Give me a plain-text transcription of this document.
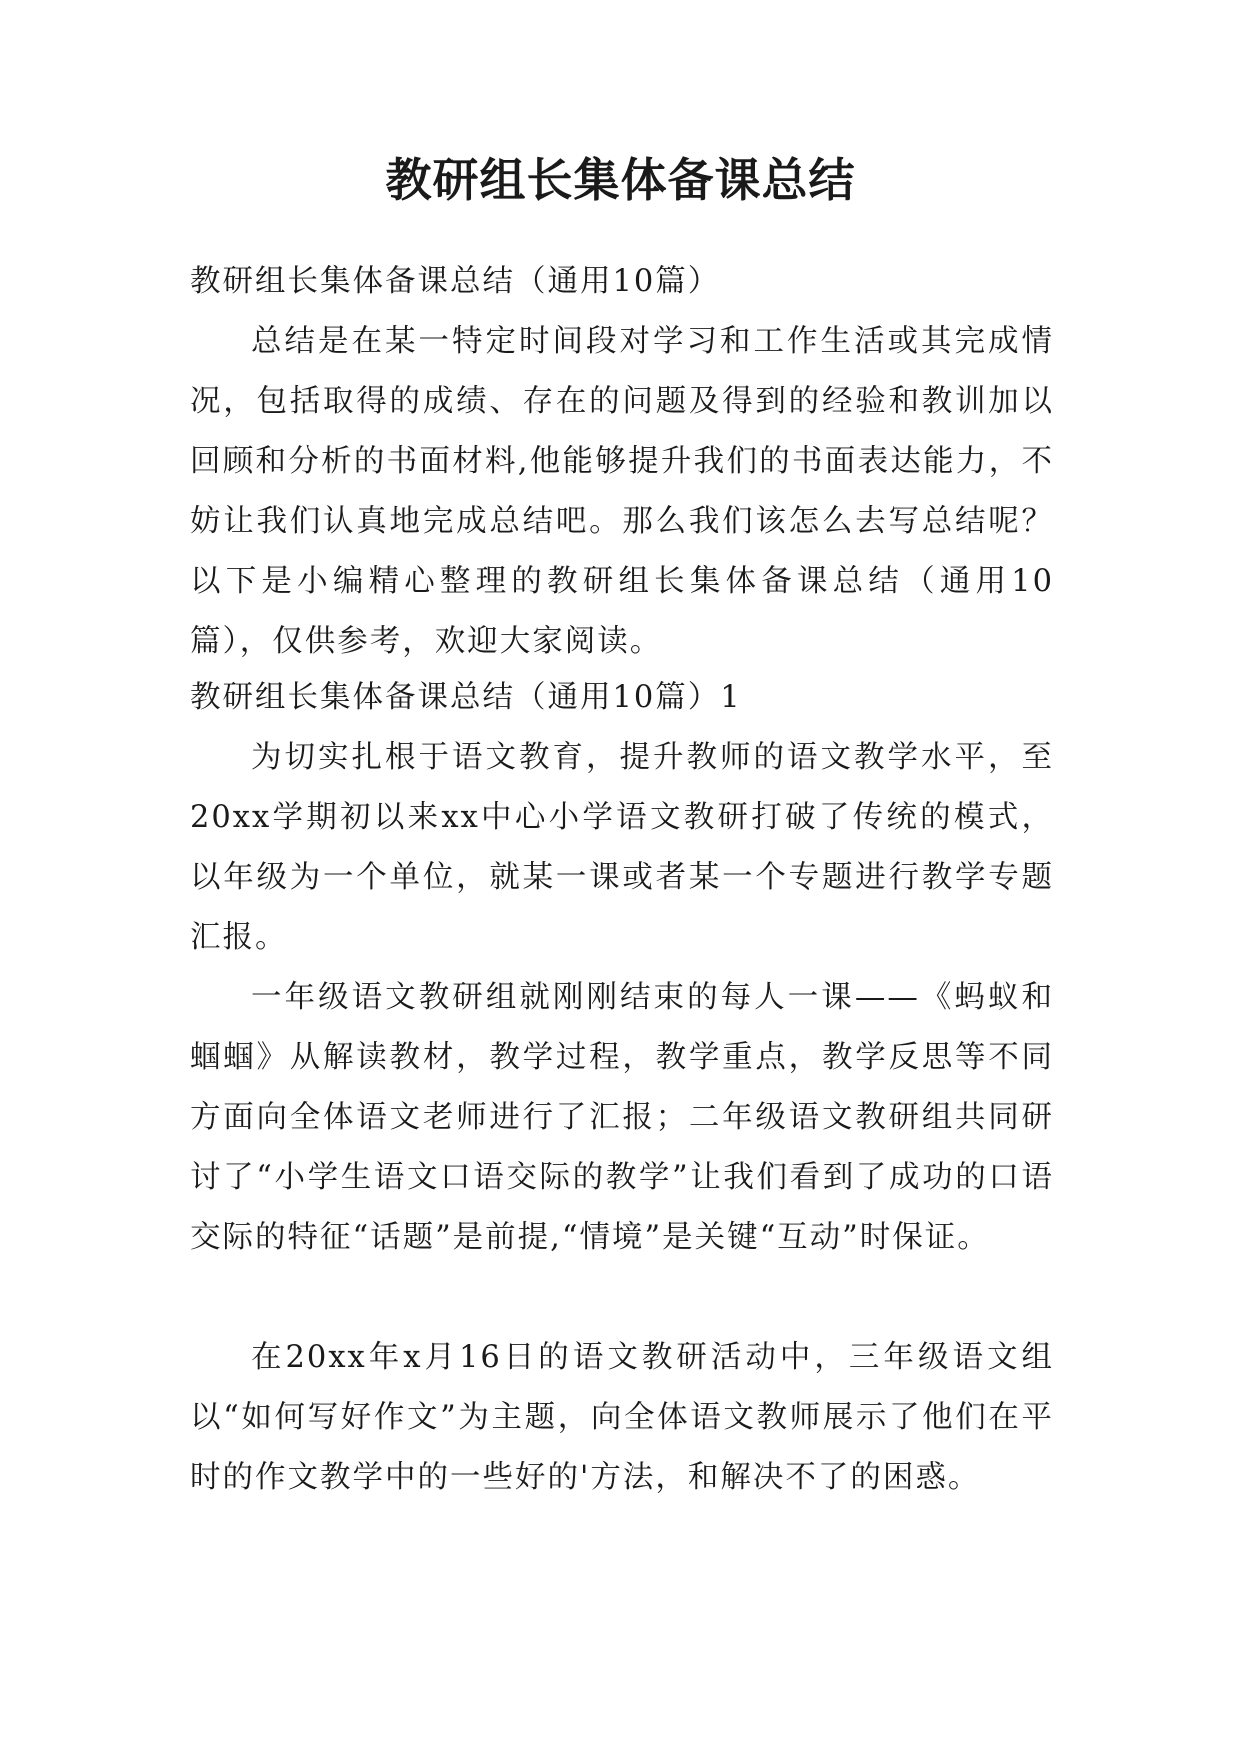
教研组长集体备课总结

教研组长集体备课总结（通用10篇）

总结是在某一特定时间段对学习和工作生活或其完成情况，包括取得的成绩、存在的问题及得到的经验和教训加以回顾和分析的书面材料,他能够提升我们的书面表达能力，不妨让我们认真地完成总结吧。那么我们该怎么去写总结呢？以下是小编精心整理的教研组长集体备课总结（通用10篇），仅供参考，欢迎大家阅读。

教研组长集体备课总结（通用10篇）1

为切实扎根于语文教育，提升教师的语文教学水平，至20xx学期初以来xx中心小学语文教研打破了传统的模式，以年级为一个单位，就某一课或者某一个专题进行教学专题汇报。

一年级语文教研组就刚刚结束的每人一课——《蚂蚁和蝈蝈》从解读教材，教学过程，教学重点，教学反思等不同方面向全体语文老师进行了汇报；二年级语文教研组共同研讨了“小学生语文口语交际的教学”让我们看到了成功的口语交际的特征“话题”是前提,“情境”是关键“互动”时保证。

在20xx年x月16日的语文教研活动中，三年级语文组以“如何写好作文”为主题，向全体语文教师展示了他们在平时的作文教学中的一些好的'方法，和解决不了的困惑。
